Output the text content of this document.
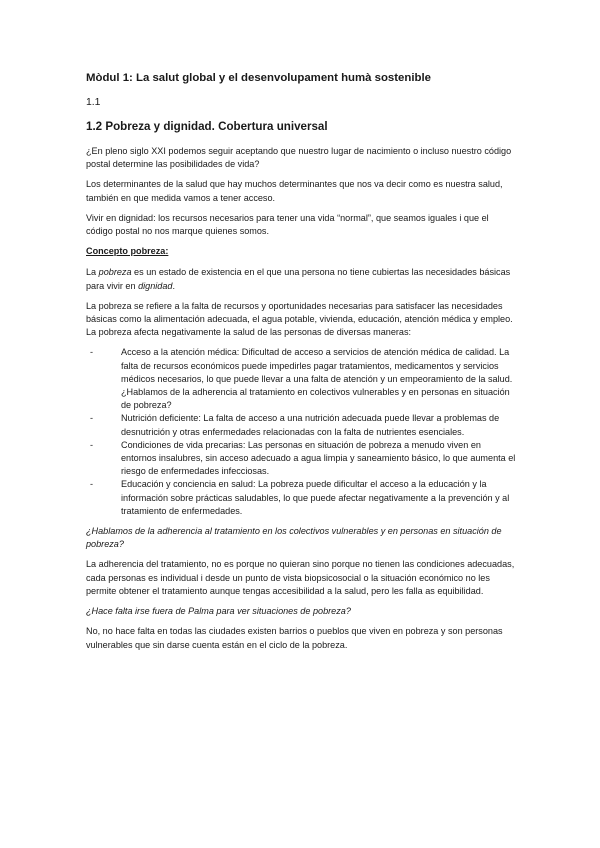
Mòdul 1: La salut global y el desenvolupament humà sostenible
1.1
1.2 Pobreza y dignidad. Cobertura universal

¿En pleno siglo XXI podemos seguir aceptando que nuestro lugar de nacimiento o incluso nuestro código postal determine las posibilidades de vida?

Los determinantes de la salud que hay muchos determinantes que nos va decir como es nuestra salud, también en que medida vamos a tener acceso.

Vivir en dignidad: los recursos necesarios para tener una vida “normal”, que seamos iguales i que el código postal no nos marque quienes somos.

Concepto pobreza:

La pobreza es un estado de existencia en el que una persona no tiene cubiertas las necesidades básicas para vivir en dignidad.

La pobreza se refiere a la falta de recursos y oportunidades necesarias para satisfacer las necesidades básicas como la alimentación adecuada, el agua potable, vivienda, educación, atención médica y empleo. La pobreza afecta negativamente la salud de las personas de diversas maneras:

-	Acceso a la atención médica: Dificultad de acceso a servicios de atención médica de calidad. La falta de recursos económicos puede impedirles pagar tratamientos, medicamentos y servicios médicos necesarios, lo que puede llevar a una falta de atención y un empeoramiento de la salud.
¿Hablamos de la adherencia al tratamiento en colectivos vulnerables y en personas en situación de pobreza?
-	Nutrición deficiente: La falta de acceso a una nutrición adecuada puede llevar a problemas de desnutrición y otras enfermedades relacionadas con la falta de nutrientes esenciales.
-	Condiciones de vida precarias: Las personas en situación de pobreza a menudo viven en entornos insalubres, sin acceso adecuado a agua limpia y saneamiento básico, lo que aumenta el riesgo de enfermedades infecciosas.
-	Educación y conciencia en salud: La pobreza puede dificultar el acceso a la educación y la información sobre prácticas saludables, lo que puede afectar negativamente a la prevención y al tratamiento de enfermedades.

¿Hablamos de la adherencia al tratamiento en los colectivos vulnerables y en personas en situación de pobreza?

La adherencia del tratamiento, no es porque no quieran sino porque no tienen las condiciones adecuadas, cada personas es individual i desde un punto de vista biopsicosocial o la situación económico no les permite obtener el tratamiento aunque tengas accesibilidad a la salud, pero les falla as equibilidad.

¿Hace falta irse fuera de Palma para ver situaciones de pobreza?

No, no hace falta en todas las ciudades existen barrios o pueblos que viven en pobreza y son personas vulnerables que sin darse cuenta están en el ciclo de la pobreza.
